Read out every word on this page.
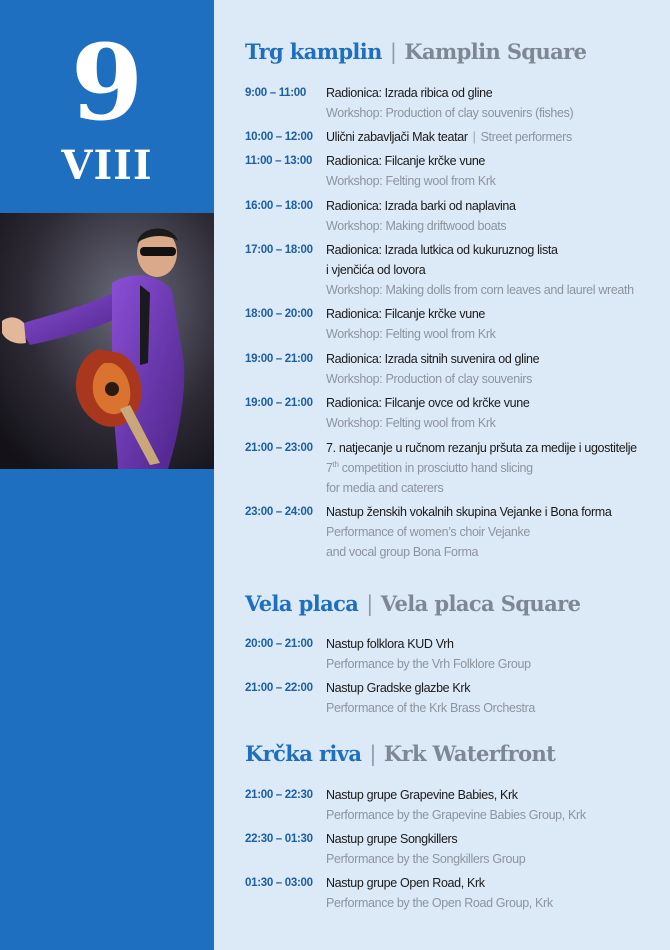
9
VIII
Trg kamplin | Kamplin Square
9:00 – 11:00	Radionica: Izrada ribica od gline
Workshop: Production of clay souvenirs (fishes)
10:00 – 12:00	Ulični zabavljači Mak teatar | Street performers
11:00 – 13:00	Radionica: Filcanje krčke vune
Workshop: Felting wool from Krk
16:00 – 18:00	Radionica: Izrada barki od naplavina
Workshop: Making driftwood boats
17:00 – 18:00	Radionica: Izrada lutkica od kukuruznog lista
i vjenčića od lovora
Workshop: Making dolls from corn leaves and laurel wreath
18:00 – 20:00	Radionica: Filcanje krčke vune
Workshop: Felting wool from Krk
19:00 – 21:00	Radionica: Izrada sitnih suvenira od gline
Workshop: Production of clay souvenirs
19:00 – 21:00	Radionica: Filcanje ovce od krčke vune
Workshop: Felting wool from Krk
21:00 – 23:00	7. natjecanje u ručnom rezanju pršuta za medije i ugostitelje
7th competition in prosciutto hand slicing
for media and caterers
23:00 – 24:00	Nastup ženskih vokalnih skupina Vejanke i Bona forma
Performance of women’s choir Vejanke
and vocal group Bona Forma
Vela placa | Vela placa Square
20:00 – 21:00	Nastup folklora KUD Vrh
Performance by the Vrh Folklore Group
21:00 – 22:00	Nastup Gradske glazbe Krk
Performance of the Krk Brass Orchestra
Krčka riva | Krk Waterfront
21:00 – 22:30	Nastup grupe Grapevine Babies, Krk
Performance by the Grapevine Babies Group, Krk
22:30 – 01:30	Nastup grupe Songkillers
Performance by the Songkillers Group
01:30 – 03:00	Nastup grupe Open Road, Krk
Performance by the Open Road Group, Krk
